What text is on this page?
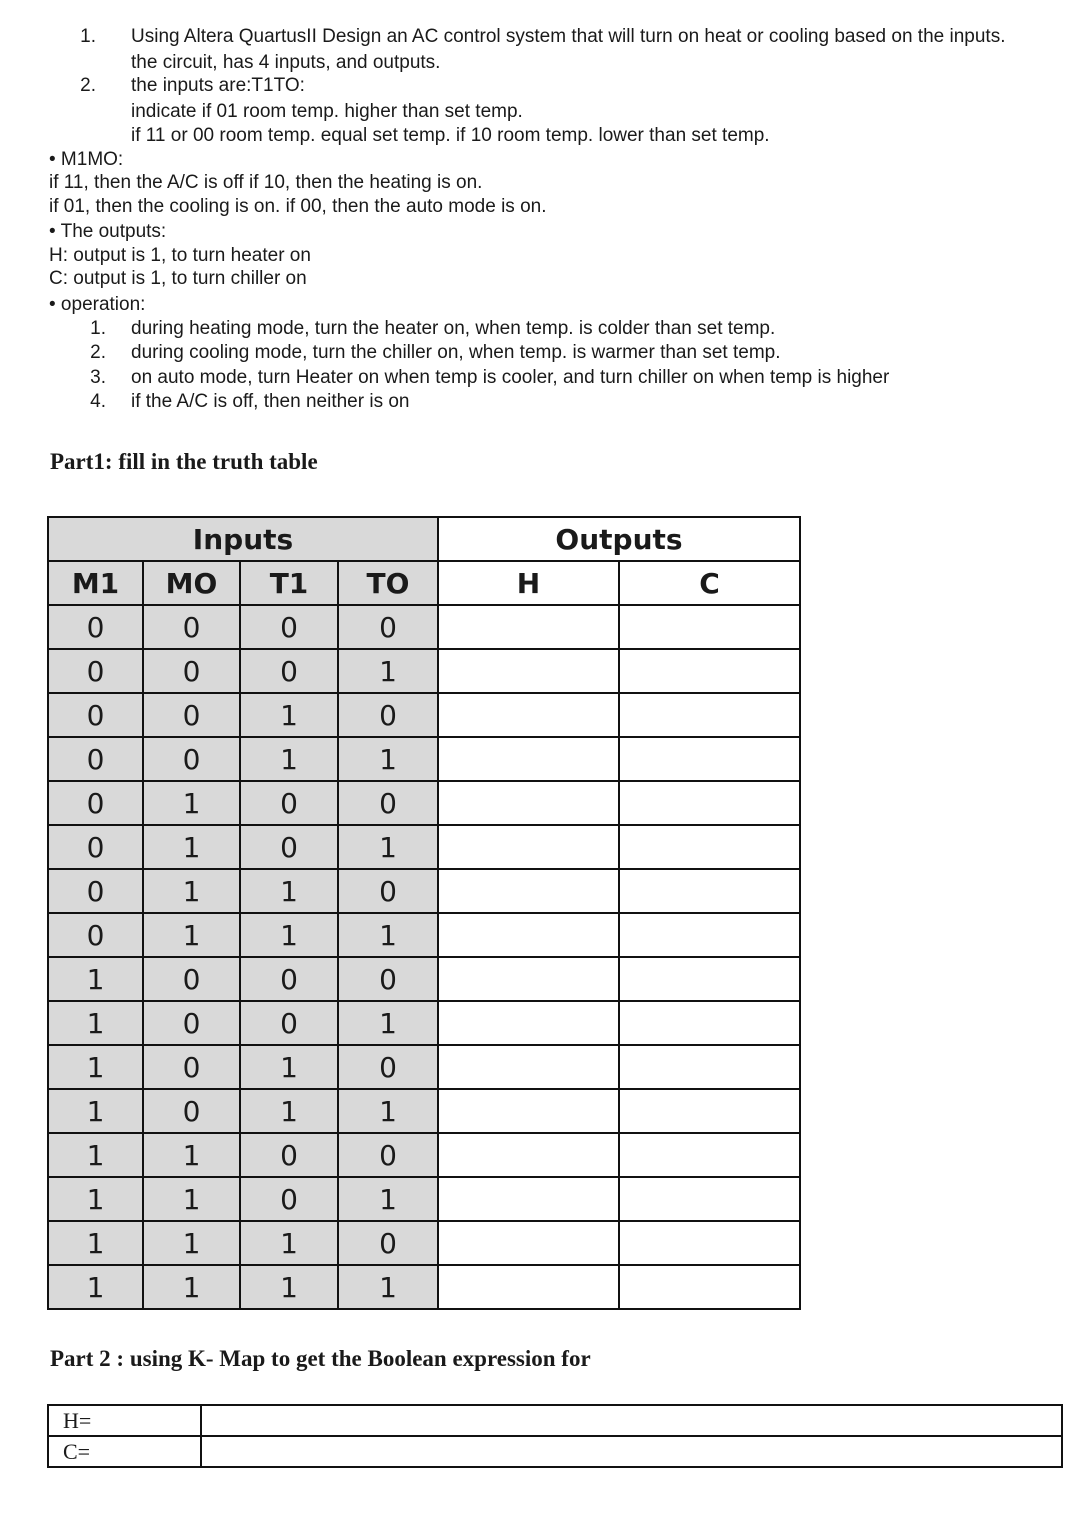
1. Using Altera QuartusII Design an AC control system that will turn on heat or cooling based on the inputs.
the circuit, has 4 inputs, and outputs.
2. the inputs are:T1TO:
indicate if 01 room temp. higher than set temp.
if 11 or 00 room temp. equal set temp. if 10 room temp. lower than set temp.
• M1MO:
if 11, then the A/C is off if 10, then the heating is on.
if 01, then the cooling is on. if 00, then the auto mode is on.
• The outputs:
H: output is 1, to turn heater on
C: output is 1, to turn chiller on
• operation:
1. during heating mode, turn the heater on, when temp. is colder than set temp.
2. during cooling mode, turn the chiller on, when temp. is warmer than set temp.
3. on auto mode, turn Heater on when temp is cooler, and turn chiller on when temp is higher
4. if the A/C is off, then neither is on
Part1: fill in the truth table
Inputs				Outputs	
M1	MO	T1	TO	H	C
0	0	0	0		
0	0	0	1		
0	0	1	0		
0	0	1	1		
0	1	0	0		
0	1	0	1		
0	1	1	0		
0	1	1	1		
1	0	0	0		
1	0	0	1		
1	0	1	0		
1	0	1	1		
1	1	0	0		
1	1	0	1		
1	1	1	0		
1	1	1	1		
Part 2 : using K- Map to get the Boolean expression for
H=	
C=	
